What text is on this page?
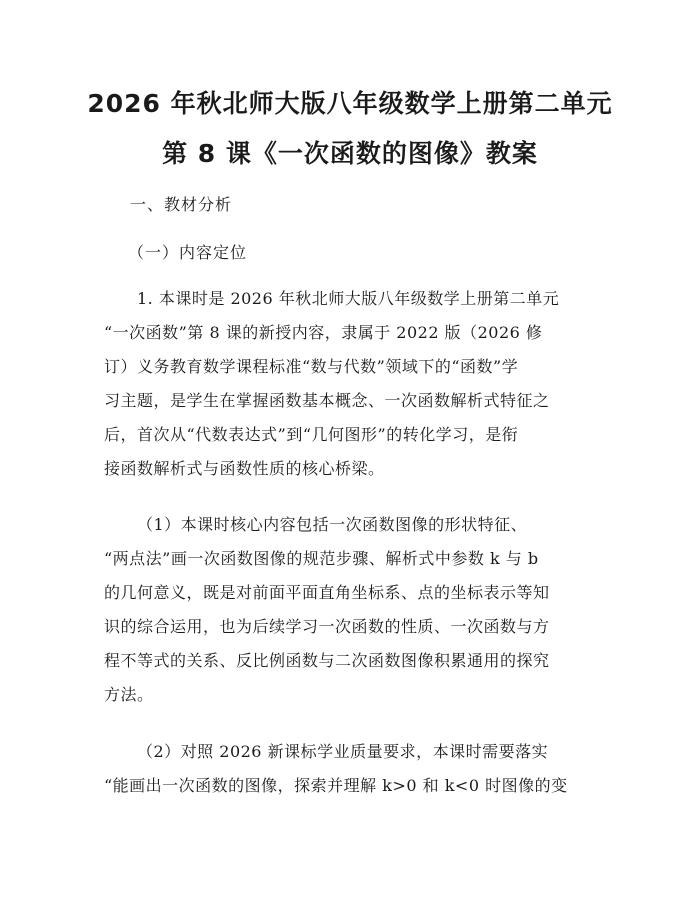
2026 年秋北师大版八年级数学上册第二单元
第 8 课《一次函数的图像》教案
一、教材分析
（一）内容定位
1. 本课时是 2026 年秋北师大版八年级数学上册第二单元
“一次函数”第 8 课的新授内容，隶属于 2022 版（2026 修
订）义务教育数学课程标准“数与代数”领域下的“函数”学
习主题，是学生在掌握函数基本概念、一次函数解析式特征之
后，首次从“代数表达式”到“几何图形”的转化学习，是衔
接函数解析式与函数性质的核心桥梁。
（1）本课时核心内容包括一次函数图像的形状特征、
“两点法”画一次函数图像的规范步骤、解析式中参数 k 与 b
的几何意义，既是对前面平面直角坐标系、点的坐标表示等知
识的综合运用，也为后续学习一次函数的性质、一次函数与方
程不等式的关系、反比例函数与二次函数图像积累通用的探究
方法。
（2）对照 2026 新课标学业质量要求，本课时需要落实
“能画出一次函数的图像，探索并理解 k>0 和 k<0 时图像的变
